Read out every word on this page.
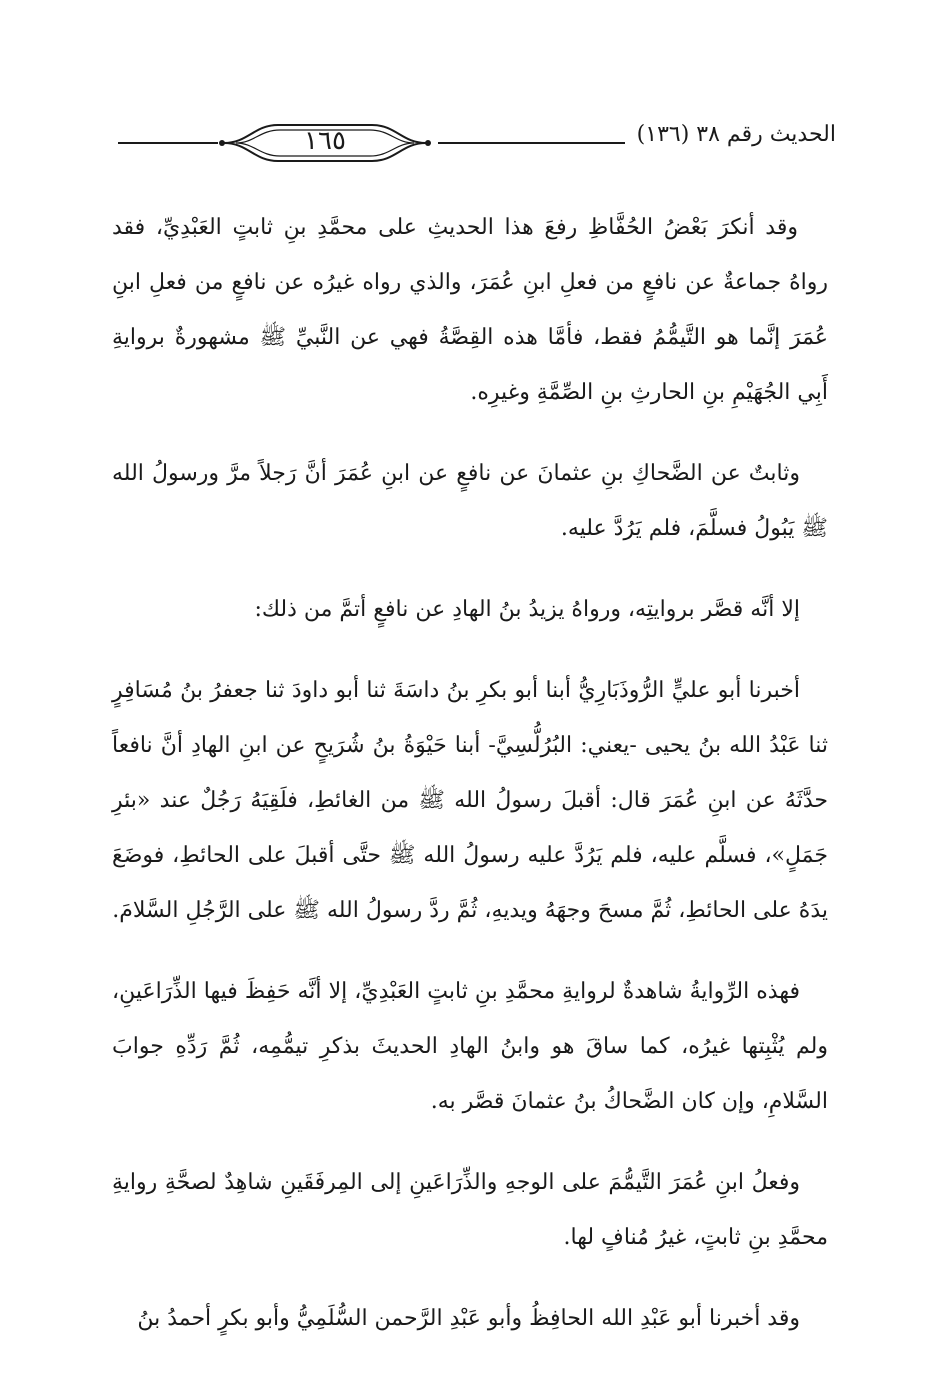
الحديث رقم ٣٨ (١٣٦)
١٦٥

وقد أنكرَ بَعْضُ الحُفَّاظِ رفعَ هذا الحديثِ على محمَّدِ بنِ ثابتٍ العَبْدِيِّ، فقد رواهُ جماعةٌ عن نافعٍ من فعلِ ابنِ عُمَرَ، والذي رواه غيرُه عن نافعٍ من فعلِ ابنِ عُمَرَ إنَّما هو التَّيمُّمُ فقط، فأمَّا هذه القِصَّةُ فهي عن النَّبيِّ ﷺ مشهورةٌ بروايةِ أَبِي الجُهَيْمِ بنِ الحارثِ بنِ الصِّمَّةِ وغيرِه.

وثابتٌ عن الضَّحاكِ بنِ عثمانَ عن نافعٍ عن ابنِ عُمَرَ أنَّ رَجلاً مرَّ ورسولُ الله ﷺ يَبُولُ فسلَّمَ، فلم يَرُدَّ عليه.

إلا أنَّه قصَّر بروايتِه، ورواهُ يزيدُ بنُ الهادِ عن نافعٍ أتمَّ من ذلك:

أخبرنا أبو عليٍّ الرُّوذَبَارِيُّ أبنا أبو بكرِ بنُ داسَةَ ثنا أبو داودَ ثنا جعفرُ بنُ مُسَافِرٍ ثنا عَبْدُ الله بنُ يحيى -يعني: البُرُلُّسِيَّ- أبنا حَيْوَةُ بنُ شُرَيحٍ عن ابنِ الهادِ أنَّ نافعاً حدَّثَهُ عن ابنِ عُمَرَ قال: أقبلَ رسولُ الله ﷺ من الغائطِ، فلَقِيَهُ رَجُلٌ عند «بئرِ جَمَلٍ»، فسلَّم عليه، فلم يَرُدَّ عليه رسولُ الله ﷺ حتَّى أقبلَ على الحائطِ، فوضَعَ يدَهُ على الحائطِ، ثُمَّ مسحَ وجهَهُ ويديهِ، ثُمَّ ردَّ رسولُ الله ﷺ على الرَّجُلِ السَّلامَ.

فهذه الرِّوايةُ شاهدةٌ لروايةِ محمَّدِ بنِ ثابتٍ العَبْدِيِّ، إلا أنَّه حَفِظَ فيها الذِّرَاعَينِ، ولم يُثْبِتها غيرُه، كما ساقَ هو وابنُ الهادِ الحديثَ بذكرِ تيمُّمِه، ثُمَّ رَدِّهِ جوابَ السَّلامِ، وإن كان الضَّحاكُ بنُ عثمانَ قصَّر به.

وفعلُ ابنِ عُمَرَ التَّيمُّمَ على الوجهِ والذِّرَاعَينِ إلى المِرفَقَينِ شاهِدٌ لصحَّةِ روايةِ محمَّدِ بنِ ثابتٍ، غيرُ مُنافٍ لها.

وقد أخبرنا أبو عَبْدِ الله الحافِظُ وأبو عَبْدِ الرَّحمن السُّلَمِيُّ وأبو بكرٍ أحمدُ بنُ
